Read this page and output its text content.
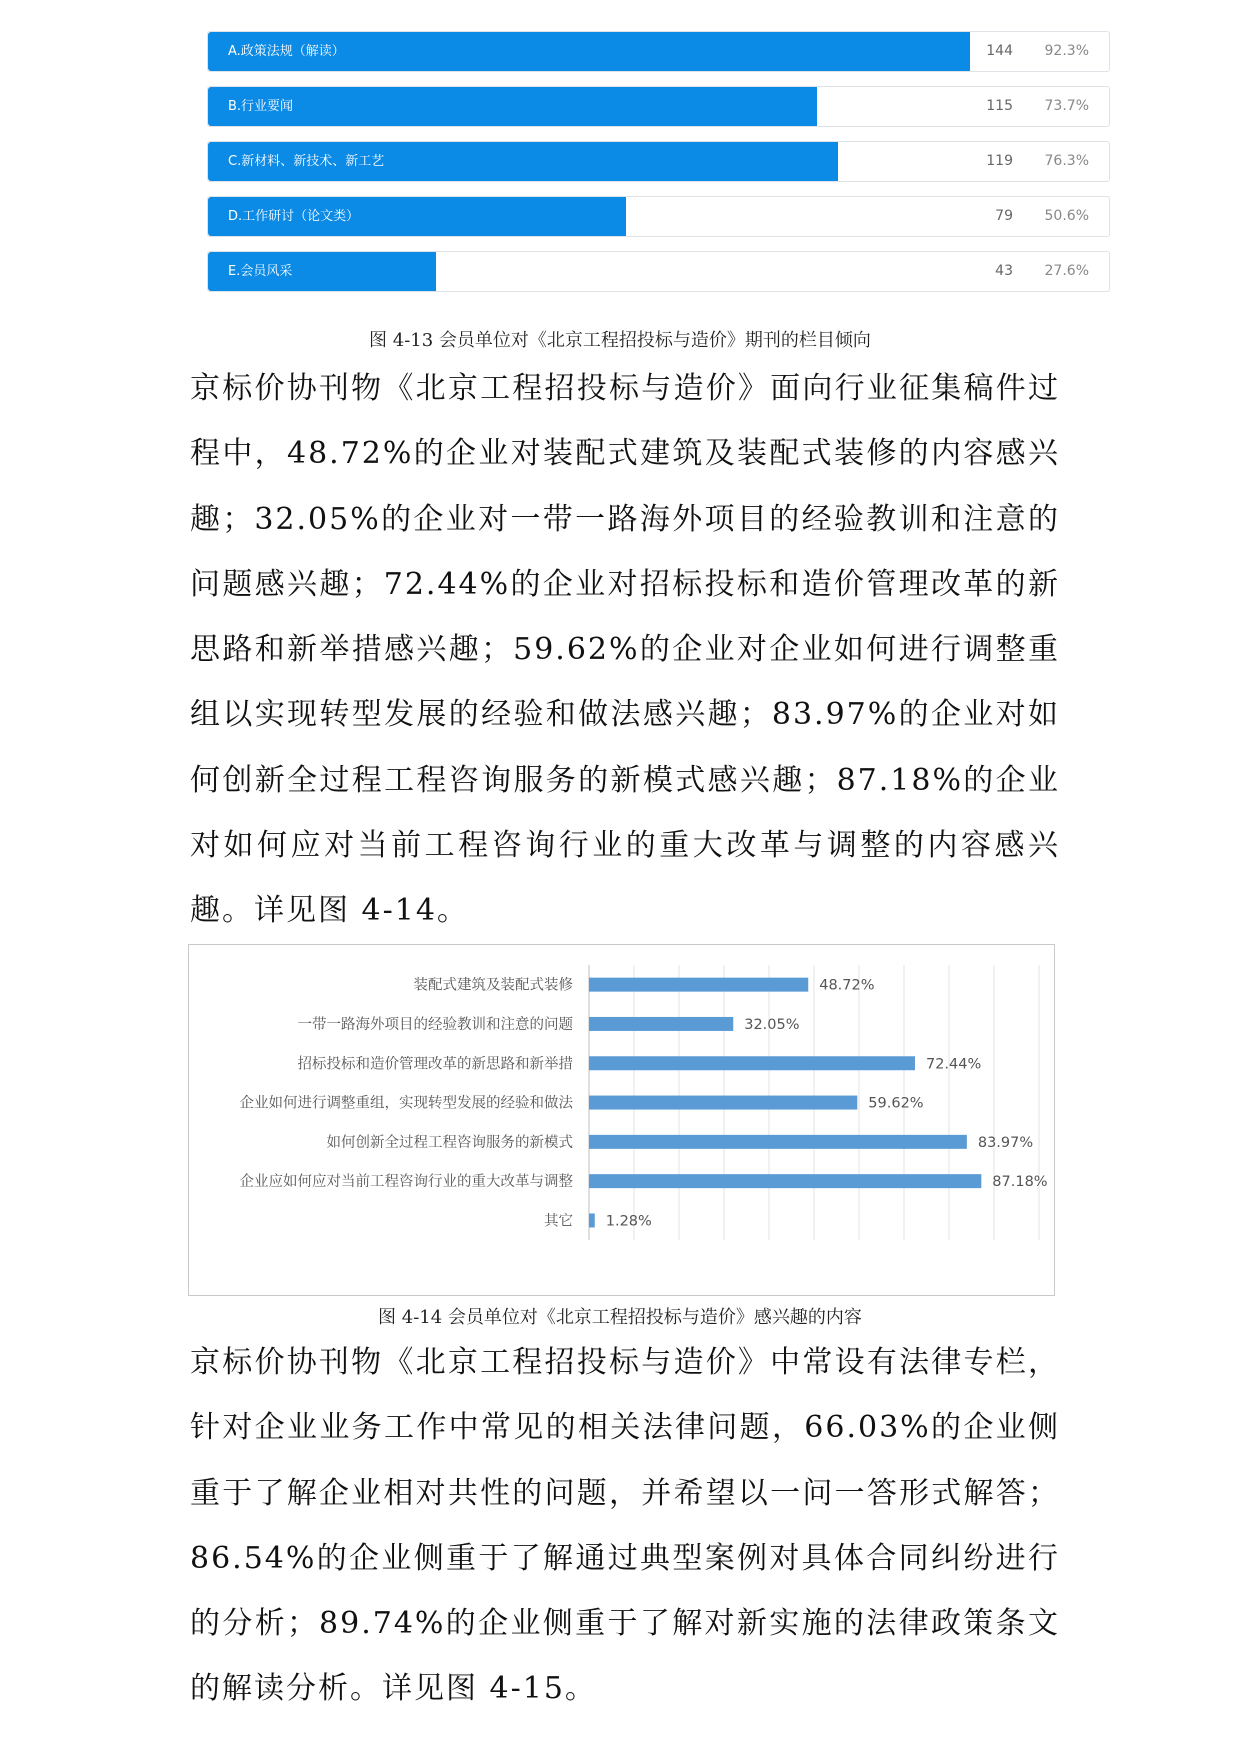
A.政策法规（解读）	144 92.3%
B.行业要闻	115 73.7%
C.新材料、新技术、新工艺	119 76.3%
D.工作研讨（论文类）	79 50.6%
E.会员风采	43 27.6%
图 4-13 会员单位对《北京工程招投标与造价》期刊的栏目倾向

京标价协刊物《北京工程招投标与造价》面向行业征集稿件过程中，48.72%的企业对装配式建筑及装配式装修的内容感兴趣；32.05%的企业对一带一路海外项目的经验教训和注意的问题感兴趣；72.44%的企业对招标投标和造价管理改革的新思路和新举措感兴趣；59.62%的企业对企业如何进行调整重组以实现转型发展的经验和做法感兴趣；83.97%的企业对如何创新全过程工程咨询服务的新模式感兴趣；87.18%的企业对如何应对当前工程咨询行业的重大改革与调整的内容感兴趣。详见图 4-14。

装配式建筑及装配式装修	48.72%
一带一路海外项目的经验教训和注意的问题	32.05%
招标投标和造价管理改革的新思路和新举措	72.44%
企业如何进行调整重组，实现转型发展的经验和做法	59.62%
如何创新全过程工程咨询服务的新模式	83.97%
企业应如何应对当前工程咨询行业的重大改革与调整	87.18%
其它 1.28%
图 4-14 会员单位对《北京工程招投标与造价》感兴趣的内容

京标价协刊物《北京工程招投标与造价》中常设有法律专栏，针对企业业务工作中常见的相关法律问题，66.03%的企业侧重于了解企业相对共性的问题，并希望以一问一答形式解答；86.54%的企业侧重于了解通过典型案例对具体合同纠纷进行的分析；89.74%的企业侧重于了解对新实施的法律政策条文的解读分析。详见图 4-15。
